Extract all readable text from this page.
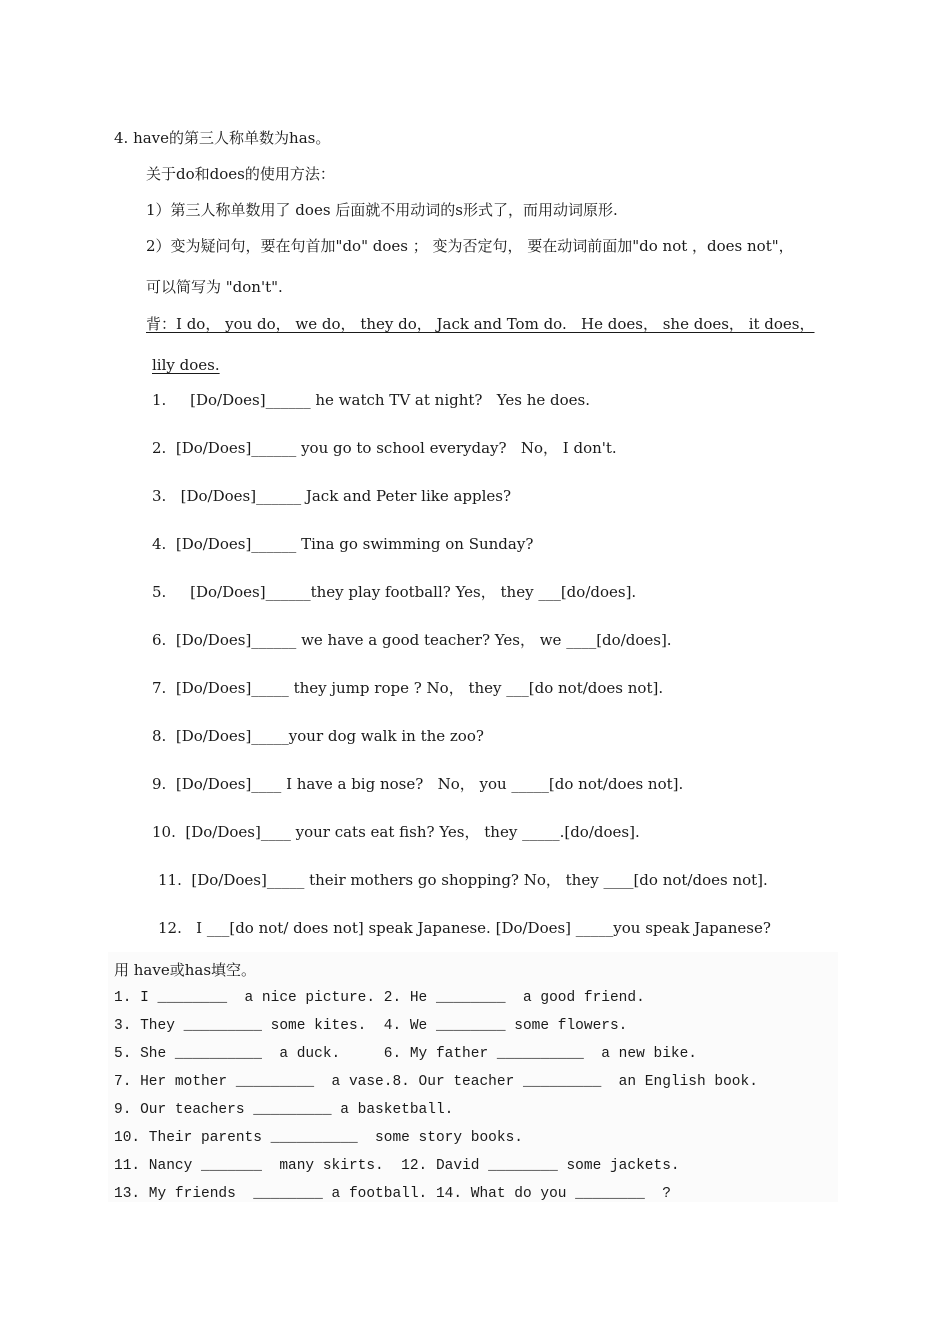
4. have的第三人称单数为has。
关于do和does的使用方法：
1）第三人称单数用了 does 后面就不用动词的s形式了，而用动词原形.
2）变为疑问句，要在句首加"do" does ； 变为否定句， 要在动词前面加"do not ，does not"，
可以简写为 "don't".
背：I do， you do， we do， they do， Jack and Tom do.   He does， she does， it does，
lily does.
1.     [Do/Does]______ he watch TV at night?   Yes he does.
2.  [Do/Does]______ you go to school everyday?   No， I don't.
3.   [Do/Does]______ Jack and Peter like apples?
4.  [Do/Does]______ Tina go swimming on Sunday?
5.     [Do/Does]______they play football? Yes， they ___[do/does].
6.  [Do/Does]______ we have a good teacher? Yes， we ____[do/does].
7.  [Do/Does]_____ they jump rope ? No， they ___[do not/does not].
8.  [Do/Does]_____your dog walk in the zoo?
9.  [Do/Does]____ I have a big nose?   No， you _____[do not/does not].
10.  [Do/Does]____ your cats eat fish? Yes， they _____.[do/does].
11.  [Do/Does]_____ their mothers go shopping? No， they ____[do not/does not].
12.   I ___[do not/ does not] speak Japanese. [Do/Does] _____you speak Japanese?
用 have或has填空。
1. I ________  a nice picture. 2. He ________  a good friend.
3. They _________ some kites.  4. We ________ some flowers.
5. She __________  a duck.     6. My father __________  a new bike.
7. Her mother _________  a vase.8. Our teacher _________  an English book.
9. Our teachers _________ a basketball.
10. Their parents __________  some story books.
11. Nancy _______  many skirts.  12. David ________ some jackets.
13. My friends  ________ a football. 14. What do you ________  ?
